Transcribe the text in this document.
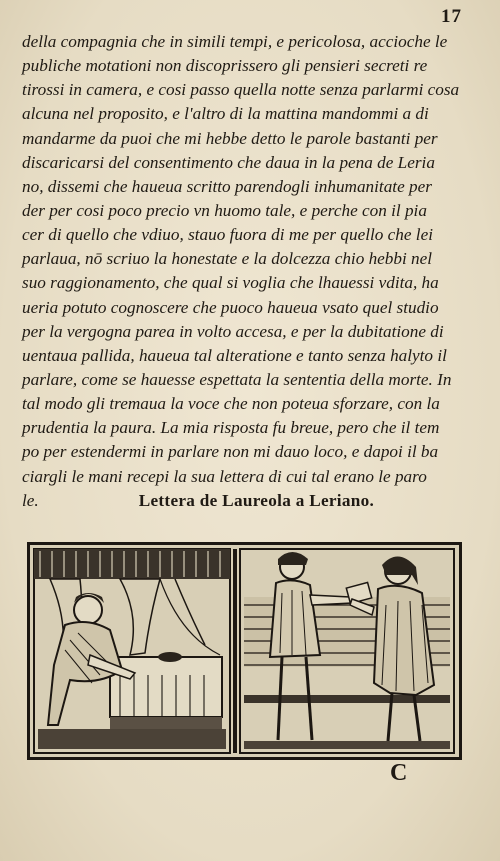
17
della compagnia che in simili tempi, e pericolosa, accioche le
publiche motationi non discoprissero gli pensieri secreti re
tirossi in camera, e cosi passo quella notte senza parlarmi cosa
alcuna nel proposito, e l'altro di la mattina mandommi a di
mandarme da puoi che mi hebbe detto le parole bastanti per
discaricarsi del consentimento che daua in la pena de Leria
no, dissemi che haueua scritto parendogli inhumanitate per
der per cosi poco precio vn huomo tale, e perche con il pia
cer di quello che vdiuo, stauo fuora di me per quello che lei
parlaua, nō scriuo la honestate e la dolcezza chio hebbi nel
suo raggionamento, che qual si voglia che lhauessi vdita, ha
ueria potuto cognoscere che puoco haueua vsato quel studio
per la vergogna parea in volto accesa, e per la dubitatione di
uentaua pallida, haueua tal alteratione e tanto senza halyto il
parlare, come se hauesse espettata la sententia della morte. In
tal modo gli tremaua la voce che non poteua sforzare, con la
prudentia la paura. La mia risposta fu breue, pero che il tem
po per estendermi in parlare non mi dauo loco, e dapoi il ba
ciargli le mani recepi la sua lettera di cui tal erano le paro
le.	Lettera de Laureola a Leriano.
C
